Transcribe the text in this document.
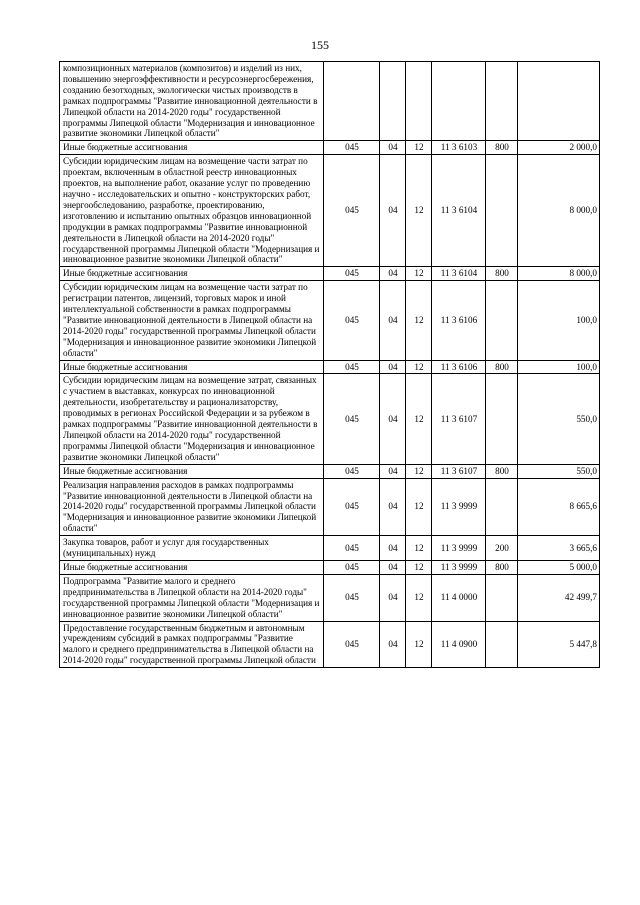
155
композиционных материалов (композитов) и изделий из них, повышению энергоэффективности и ресурсоэнергосбережения, созданию безотходных, экологически чистых производств в рамках подпрограммы "Развитие инновационной деятельности в Липецкой области на 2014-2020 годы" государственной программы Липецкой области "Модернизация и инновационное развитие экономики Липецкой области"						
Иные бюджетные ассигнования	045	04	12	11 3 6103	800	2 000,0
Субсидии юридическим лицам на возмещение части затрат по проектам, включенным в областной реестр инновационных проектов, на выполнение работ, оказание услуг по проведению научно - исследовательских и опытно - конструкторских работ, энергообследованию, разработке, проектированию, изготовлению и испытанию опытных образцов инновационной продукции в рамках подпрограммы "Развитие инновационной деятельности в Липецкой области на 2014-2020 годы" государственной программы Липецкой области "Модернизация и инновационное развитие экономики Липецкой области"	045	04	12	11 3 6104		8 000,0
Иные бюджетные ассигнования	045	04	12	11 3 6104	800	8 000,0
Субсидии юридическим лицам на возмещение части затрат по регистрации патентов, лицензий, торговых марок и иной интеллектуальной собственности в рамках подпрограммы "Развитие инновационной деятельности в Липецкой области на 2014-2020 годы" государственной программы Липецкой области "Модернизация и инновационное развитие экономики Липецкой области"	045	04	12	11 3 6106		100,0
Иные бюджетные ассигнования	045	04	12	11 3 6106	800	100,0
Субсидии юридическим лицам на возмещение затрат, связанных с участием в выставках, конкурсах по инновационной деятельности, изобретательству и рационализаторству, проводимых в регионах Российской Федерации и за рубежом в рамках подпрограммы "Развитие инновационной деятельности в Липецкой области на 2014-2020 годы" государственной программы Липецкой области "Модернизация и инновационное развитие экономики Липецкой области"	045	04	12	11 3 6107		550,0
Иные бюджетные ассигнования	045	04	12	11 3 6107	800	550,0
Реализация направления расходов в рамках подпрограммы "Развитие инновационной деятельности в Липецкой области на 2014-2020 годы" государственной программы Липецкой области "Модернизация и инновационное развитие экономики Липецкой области"	045	04	12	11 3 9999		8 665,6
Закупка товаров, работ и услуг для государственных (муниципальных) нужд	045	04	12	11 3 9999	200	3 665,6
Иные бюджетные ассигнования	045	04	12	11 3 9999	800	5 000,0
Подпрограмма "Развитие малого и среднего предпринимательства в Липецкой области на 2014-2020 годы" государственной программы Липецкой области "Модернизация и инновационное развитие экономики Липецкой области"	045	04	12	11 4 0000		42 499,7
Предоставление государственным бюджетным и автономным учреждениям субсидий в рамках подпрограммы "Развитие малого и среднего предпринимательства в Липецкой области на 2014-2020 годы" государственной программы Липецкой области	045	04	12	11 4 0900		5 447,8
